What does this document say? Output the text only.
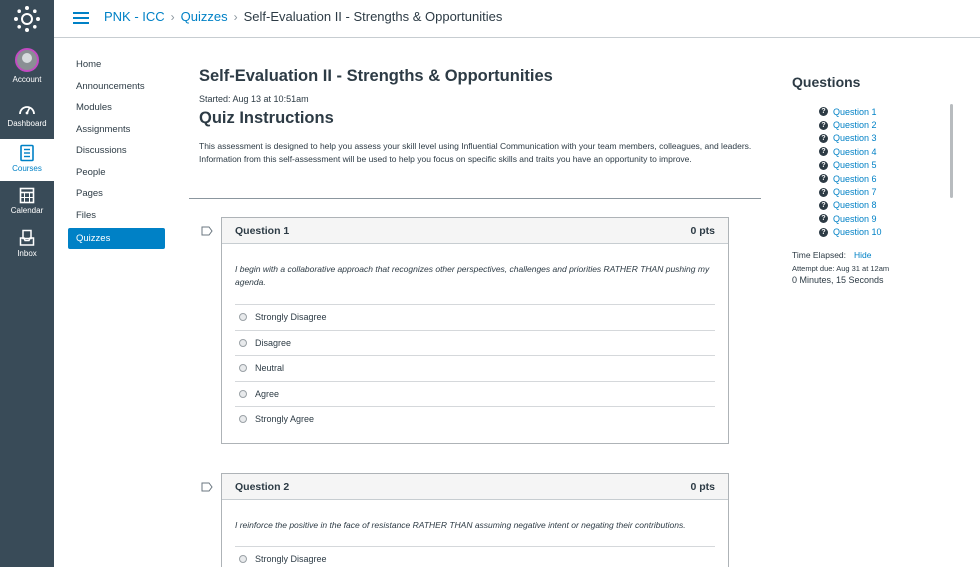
Account
Dashboard
Courses
Calendar
Inbox
PNK - ICC › Quizzes › Self-Evaluation II - Strengths & Opportunities
Home
Announcements
Modules
Assignments
Discussions
People
Pages
Files
Quizzes
Self-Evaluation II - Strengths & Opportunities
Started: Aug 13 at 10:51am
Quiz Instructions

This assessment is designed to help you assess your skill level using Influential Communication with your team members, colleagues, and leaders. Information from this self-assessment will be used to help you focus on specific skills and traits you have an opportunity to improve.

Question 1	0 pts

I begin with a collaborative approach that recognizes other perspectives, challenges and priorities RATHER THAN pushing my agenda.

Strongly Disagree
Disagree
Neutral
Agree
Strongly Agree
Question 2	0 pts

I reinforce the positive in the face of resistance RATHER THAN assuming negative intent or negating their contributions.

Strongly Disagree
Questions
? Question 1
? Question 2
? Question 3
? Question 4
? Question 5
? Question 6
? Question 7
? Question 8
? Question 9
? Question 10
Time Elapsed: Hide
Attempt due: Aug 31 at 12am
0 Minutes, 15 Seconds
